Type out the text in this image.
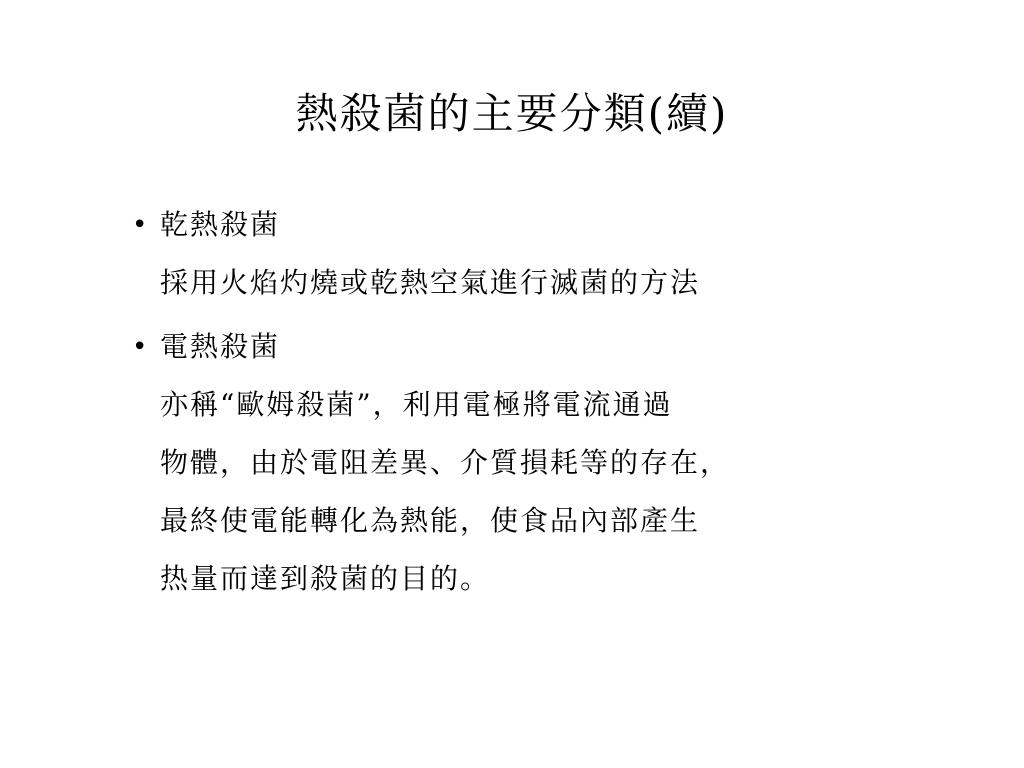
熱殺菌的主要分類(續)
• 乾熱殺菌
採用火焰灼燒或乾熱空氣進行滅菌的方法
• 電熱殺菌
亦稱“歐姆殺菌”，利用電極將電流通過
物體，由於電阻差異、介質損耗等的存在，
最終使電能轉化為熱能，使食品內部產生
热量而達到殺菌的目的。
